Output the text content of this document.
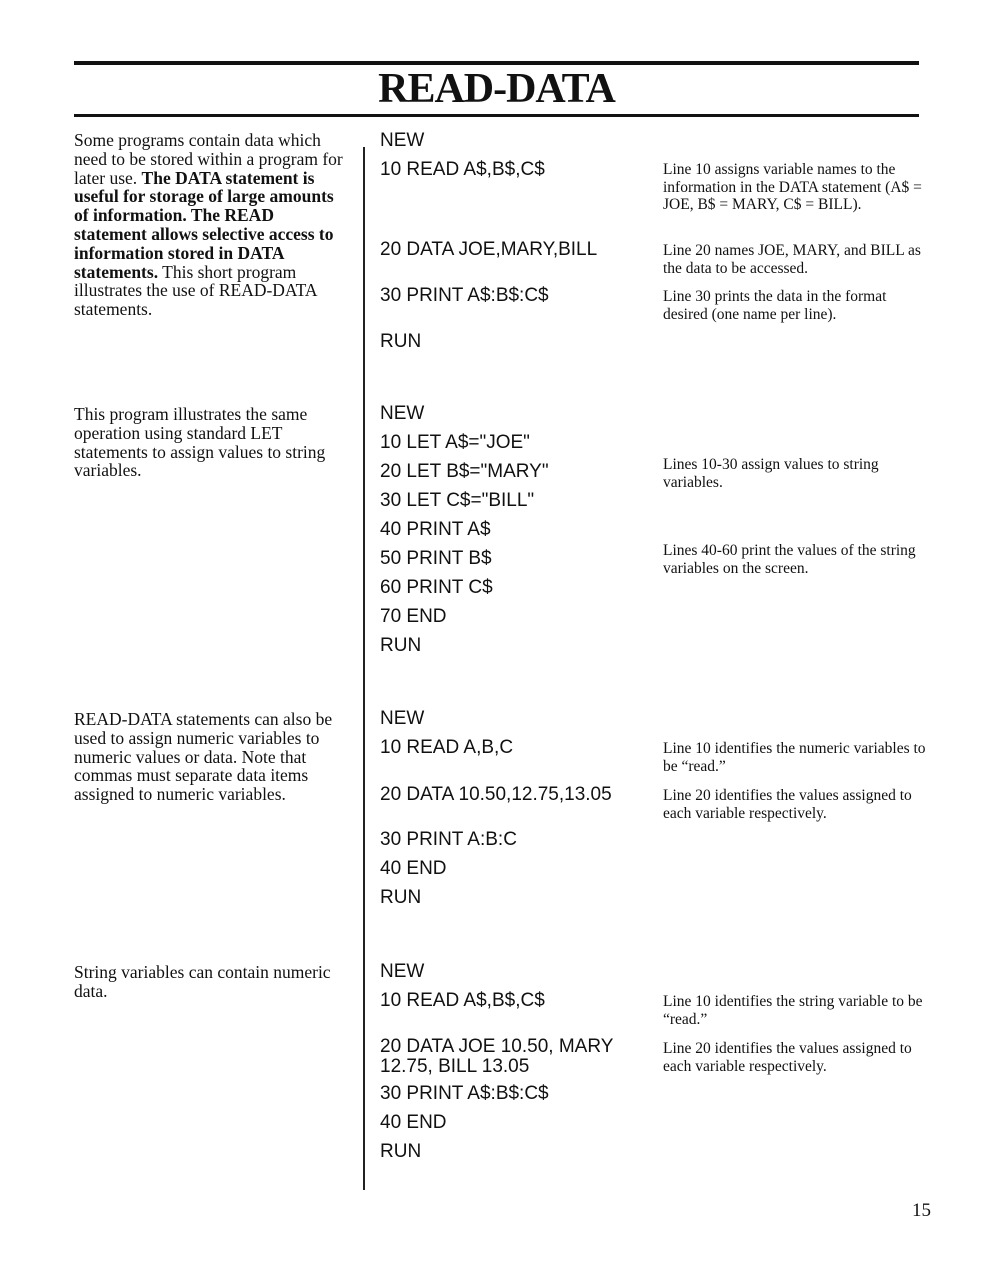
READ-DATA
Some programs contain data which need to be stored within a program for later use. The DATA statement is useful for storage of large amounts of information. The READ statement allows selective access to information stored in DATA statements. This short program illustrates the use of READ-DATA statements.
NEW
10 READ A$,B$,C$
20 DATA JOE,MARY,BILL
30 PRINT A$:B$:C$
RUN
Line 10 assigns variable names to the information in the DATA statement (A$ = JOE, B$ = MARY, C$ = BILL).
Line 20 names JOE, MARY, and BILL as the data to be accessed.
Line 30 prints the data in the format desired (one name per line).
This program illustrates the same operation using standard LET statements to assign values to string variables.
NEW
10 LET A$="JOE"
20 LET B$="MARY"
30 LET C$="BILL"
40 PRINT A$
50 PRINT B$
60 PRINT C$
70 END
RUN
Lines 10-30 assign values to string variables.
Lines 40-60 print the values of the string variables on the screen.
READ-DATA statements can also be used to assign numeric variables to numeric values or data. Note that commas must separate data items assigned to numeric variables.
NEW
10 READ A,B,C
20 DATA 10.50,12.75,13.05
30 PRINT A:B:C
40 END
RUN
Line 10 identifies the numeric variables to be “read.”
Line 20 identifies the values assigned to each variable respectively.
String variables can contain numeric data.
NEW
10 READ A$,B$,C$
20 DATA JOE 10.50, MARY 12.75, BILL 13.05
30 PRINT A$:B$:C$
40 END
RUN
Line 10 identifies the string variable to be “read.”
Line 20 identifies the values assigned to each variable respectively.
15
